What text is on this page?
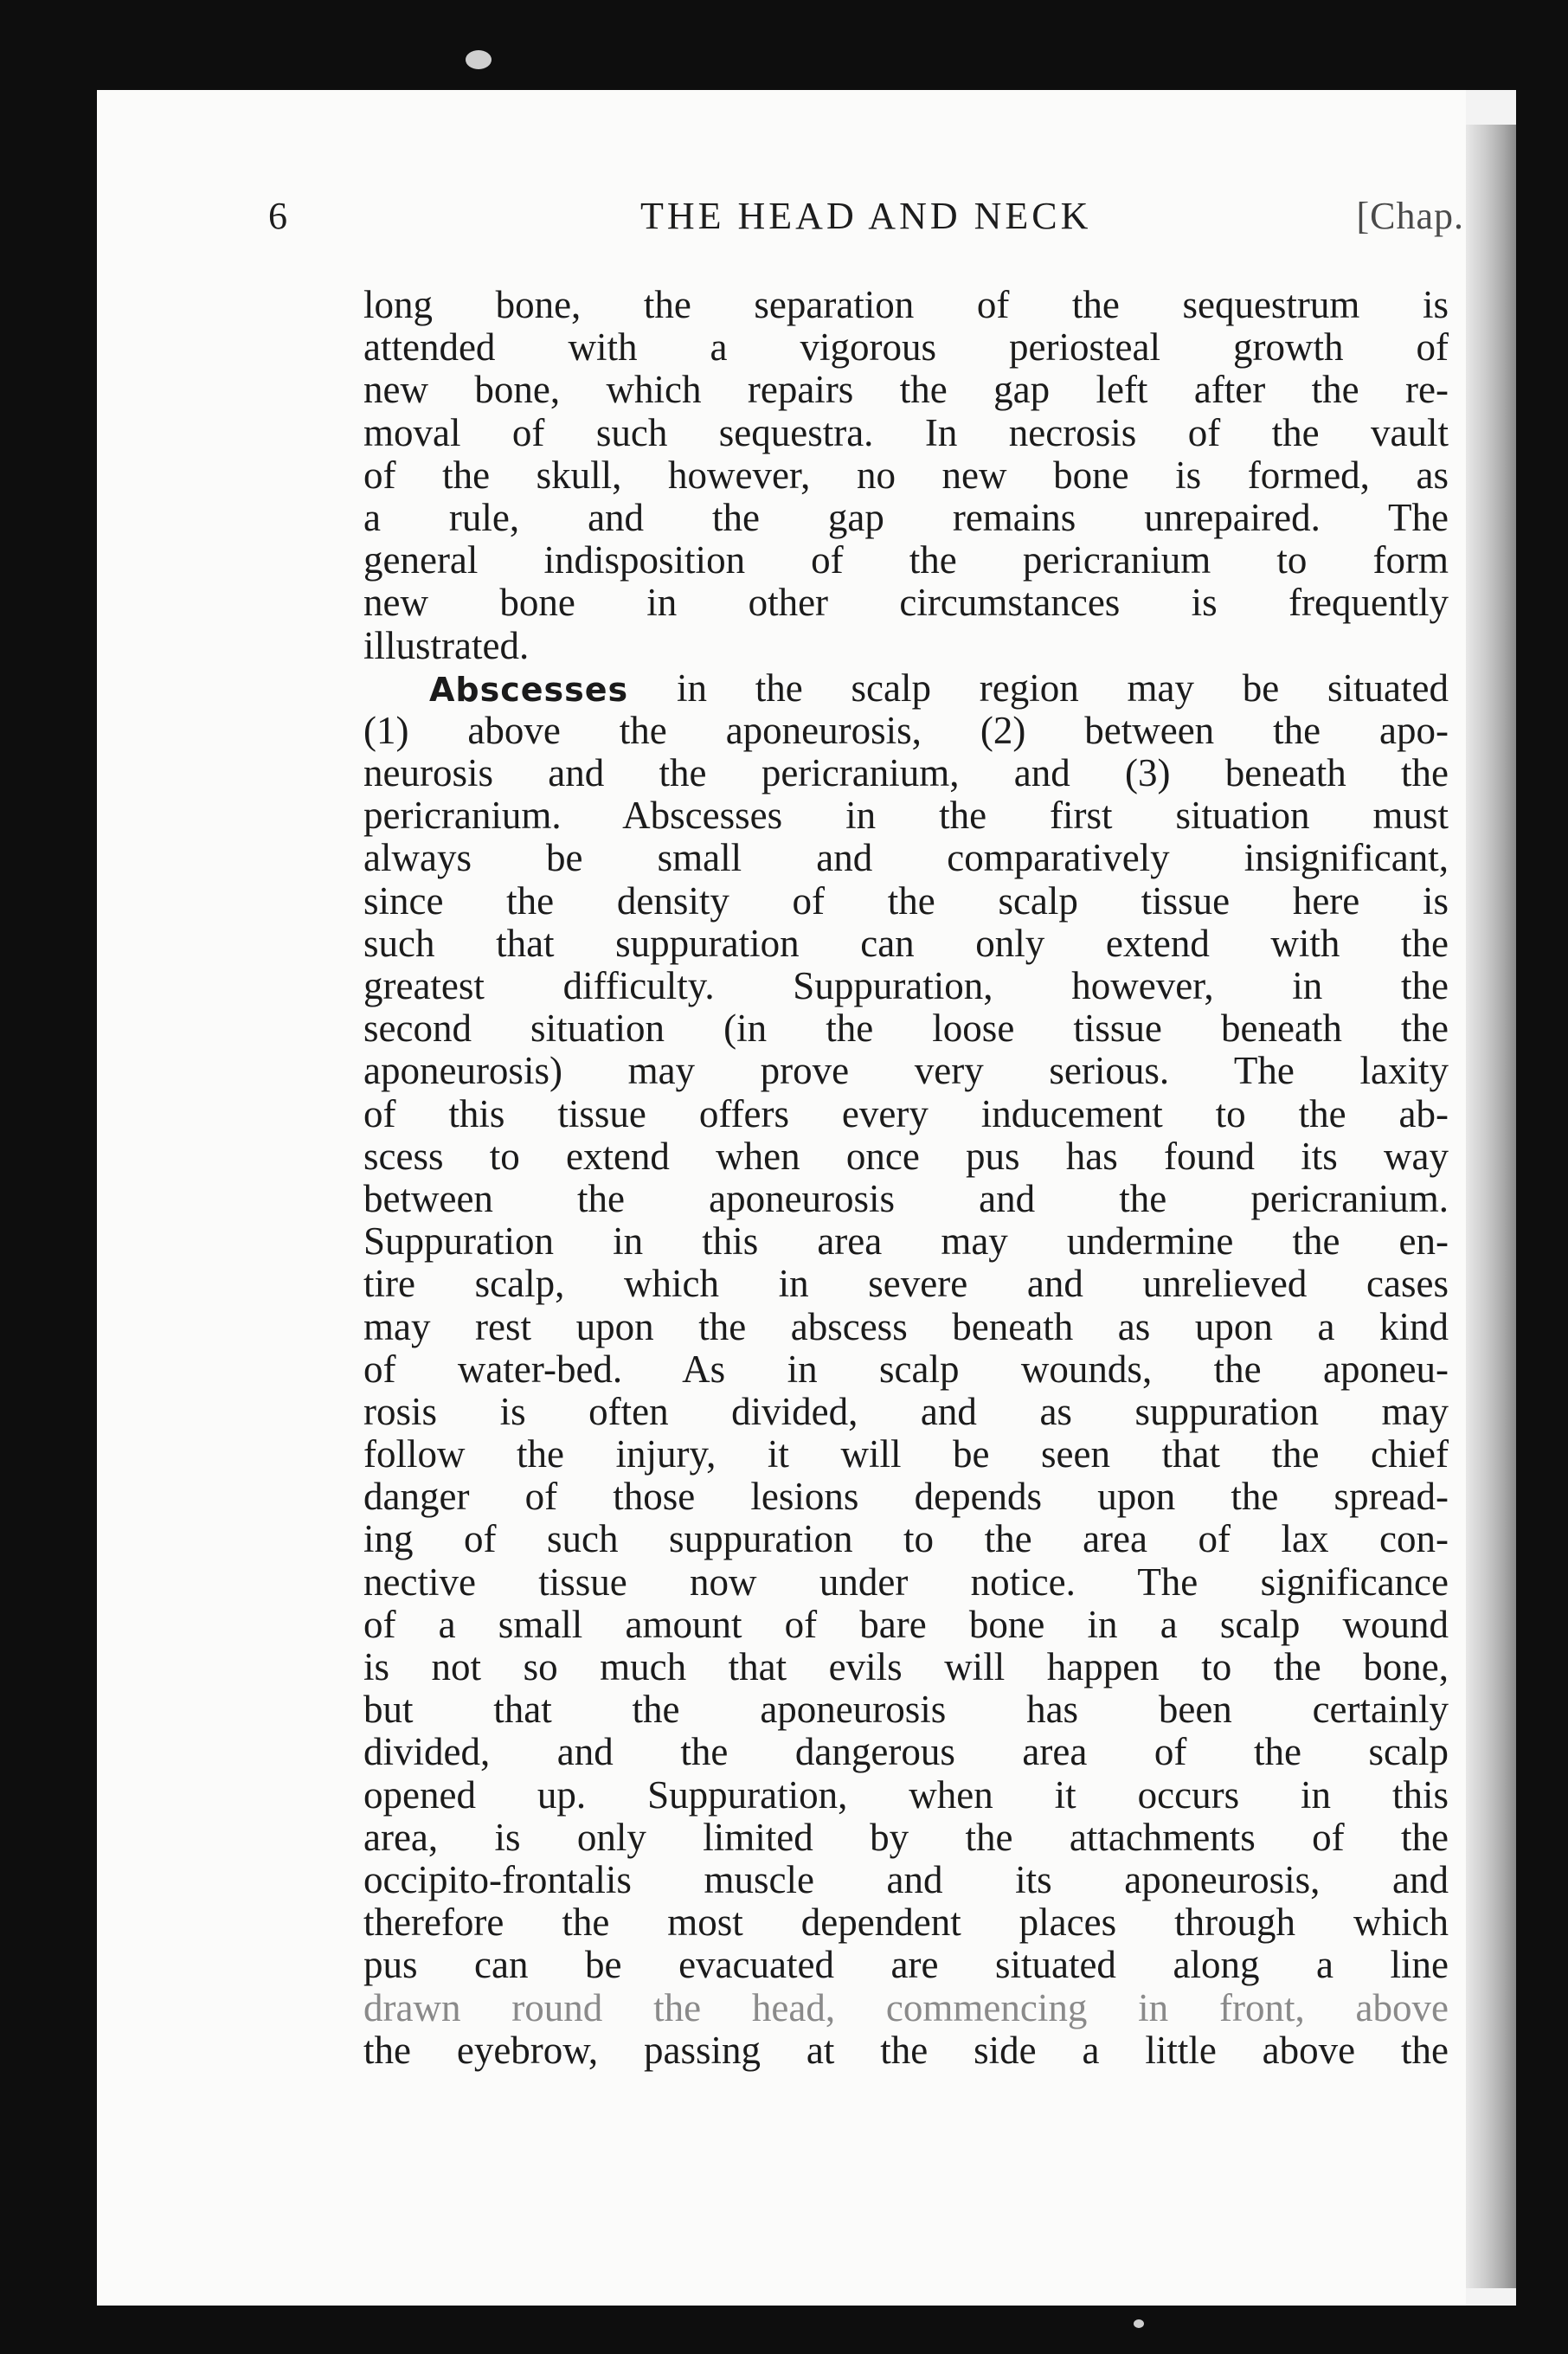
6	THE HEAD AND NECK	[Chap.
long bone, the separation of the sequestrum is
attended with a vigorous periosteal growth of
new bone, which repairs the gap left after the re-
moval of such sequestra. In necrosis of the vault
of the skull, however, no new bone is formed, as
a rule, and the gap remains unrepaired. The
general indisposition of the pericranium to form
new bone in other circumstances is frequently
illustrated.
Abscesses in the scalp region may be situated
(1) above the aponeurosis, (2) between the apo-
neurosis and the pericranium, and (3) beneath the
pericranium. Abscesses in the first situation must
always be small and comparatively insignificant,
since the density of the scalp tissue here is
such that suppuration can only extend with the
greatest difficulty. Suppuration, however, in the
second situation (in the loose tissue beneath the
aponeurosis) may prove very serious. The laxity
of this tissue offers every inducement to the ab-
scess to extend when once pus has found its way
between the aponeurosis and the pericranium.
Suppuration in this area may undermine the en-
tire scalp, which in severe and unrelieved cases
may rest upon the abscess beneath as upon a kind
of water-bed. As in scalp wounds, the aponeu-
rosis is often divided, and as suppuration may
follow the injury, it will be seen that the chief
danger of those lesions depends upon the spread-
ing of such suppuration to the area of lax con-
nective tissue now under notice. The significance
of a small amount of bare bone in a scalp wound
is not so much that evils will happen to the bone,
but that the aponeurosis has been certainly
divided, and the dangerous area of the scalp
opened up. Suppuration, when it occurs in this
area, is only limited by the attachments of the
occipito-frontalis muscle and its aponeurosis, and
therefore the most dependent places through which
pus can be evacuated are situated along a line
drawn round the head, commencing in front, above
the eyebrow, passing at the side a little above the
